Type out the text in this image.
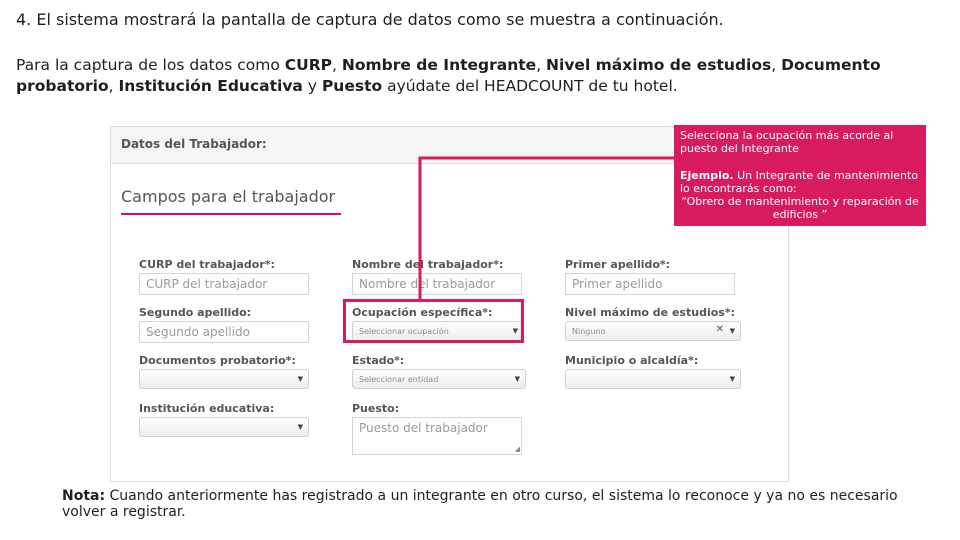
4. El sistema mostrará la pantalla de captura de datos como se muestra a continuación.
Para la captura de los datos como CURP, Nombre de Integrante, Nivel máximo de estudios, Documento probatorio, Institución Educativa y Puesto ayúdate del HEADCOUNT de tu hotel.
Datos del Trabajador:
Campos para el trabajador
CURP del trabajador*:
CURP del trabajador
Nombre del trabajador*:
Nombre del trabajador
Primer apellido*:
Primer apellido
Segundo apellido:
Segundo apellido
Ocupación específica*:
Seleccionar ocupación	▼
Nivel máximo de estudios*:
Ninguno	✕ ▼
Documentos probatorio*:
▼
Estado*:
Seleccionar entidad	▼
Municipio o alcaldía*:
▼
Institución educativa:
▼
Puesto:
Puesto del trabajador
◢

Selecciona la ocupación más acorde al puesto del Integrante

Ejemplo. Un Integrante de mantenimiento lo encontrarás como:

“Obrero de mantenimiento y reparación de edificios ”

Nota: Cuando anteriormente has registrado a un integrante en otro curso, el sistema lo reconoce y ya no es necesario volver a registrar.
